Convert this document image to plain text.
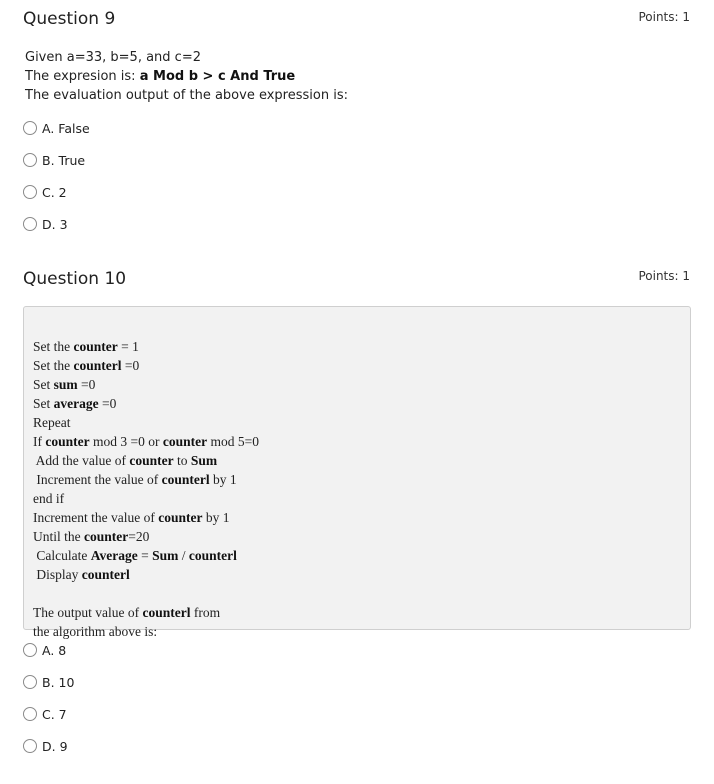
Question 9	Points: 1
Given a=33, b=5, and c=2
The expresion is: a Mod b > c And True
The evaluation output of the above expression is:
A. False
B. True
C. 2
D. 3
Question 10	Points: 1

Set the counter = 1
Set the counterl =0
Set sum =0
Set average =0
Repeat
If counter mod 3 =0 or counter mod 5=0
Add the value of counter to Sum
Increment the value of counterl by 1
end if
Increment the value of counter by 1
Until the counter=20
Calculate Average = Sum / counterl
Display counterl
The output value of counterl from
the algorithm above is:
A. 8
B. 10
C. 7
D. 9
